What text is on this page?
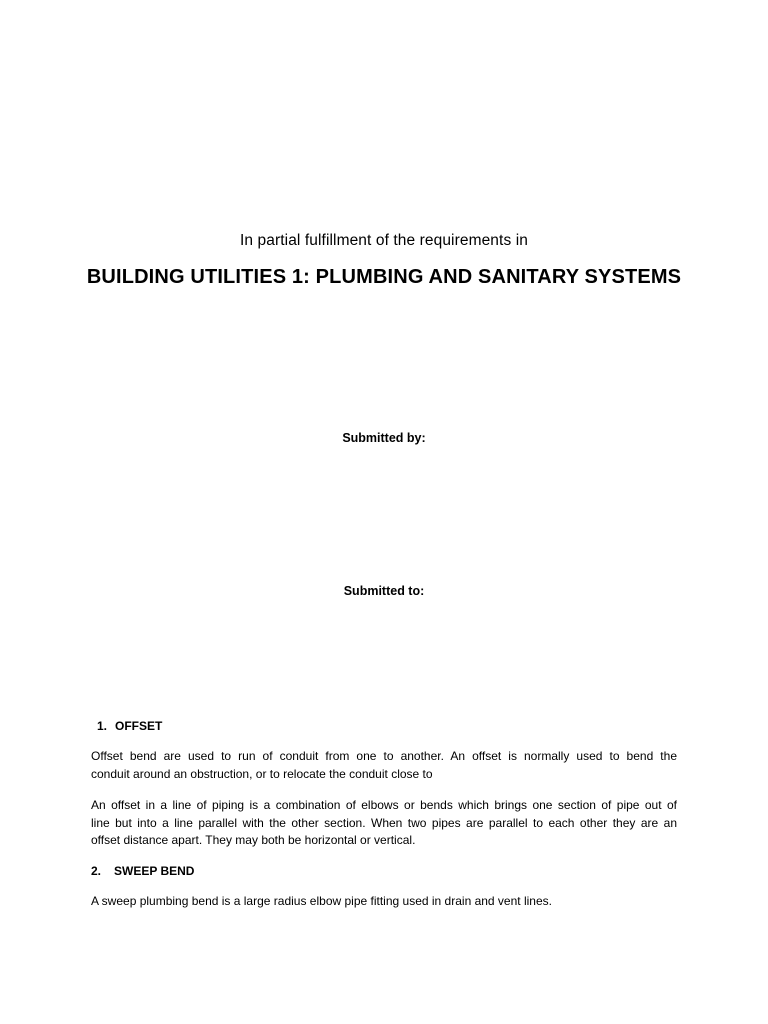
In partial fulfillment of the requirements in
BUILDING UTILITIES 1: PLUMBING AND SANITARY SYSTEMS
Submitted by:
Submitted to:
1. OFFSET
Offset bend are used to run of conduit from one to another. An offset is normally used to bend the
conduit around an obstruction, or to relocate the conduit close to
An offset in a line of piping is a combination of elbows or bends which brings one section of pipe out of
line but into a line parallel with the other section. When two pipes are parallel to each other they are an
offset distance apart. They may both be horizontal or vertical.
2. SWEEP BEND
A sweep plumbing bend is a large radius elbow pipe fitting used in drain and vent lines.
